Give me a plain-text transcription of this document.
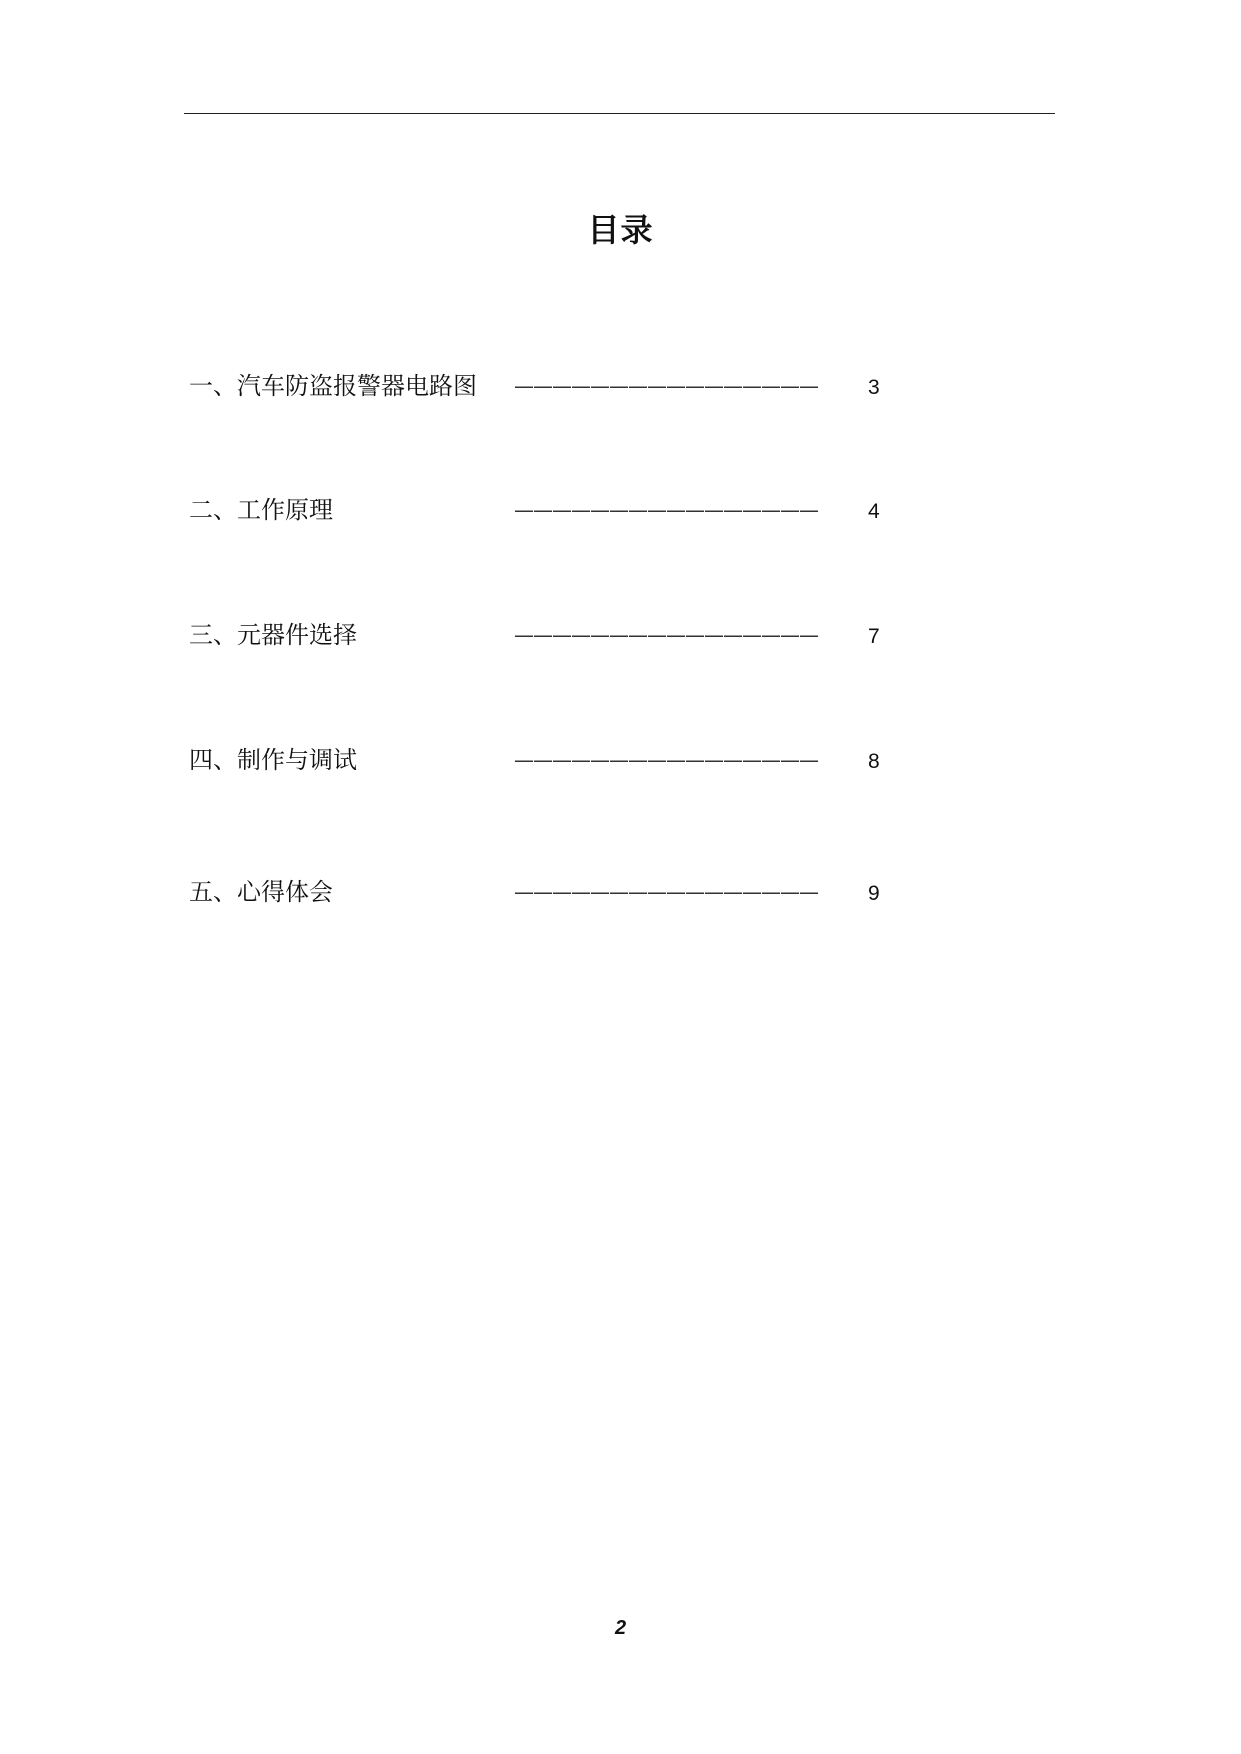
目录
一、汽车防盗报警器电路图 ———————————————— 3
二、工作原理	———————————————— 4
三、元器件选择	———————————————— 7
四、制作与调试	———————————————— 8
五、心得体会	———————————————— 9
2
